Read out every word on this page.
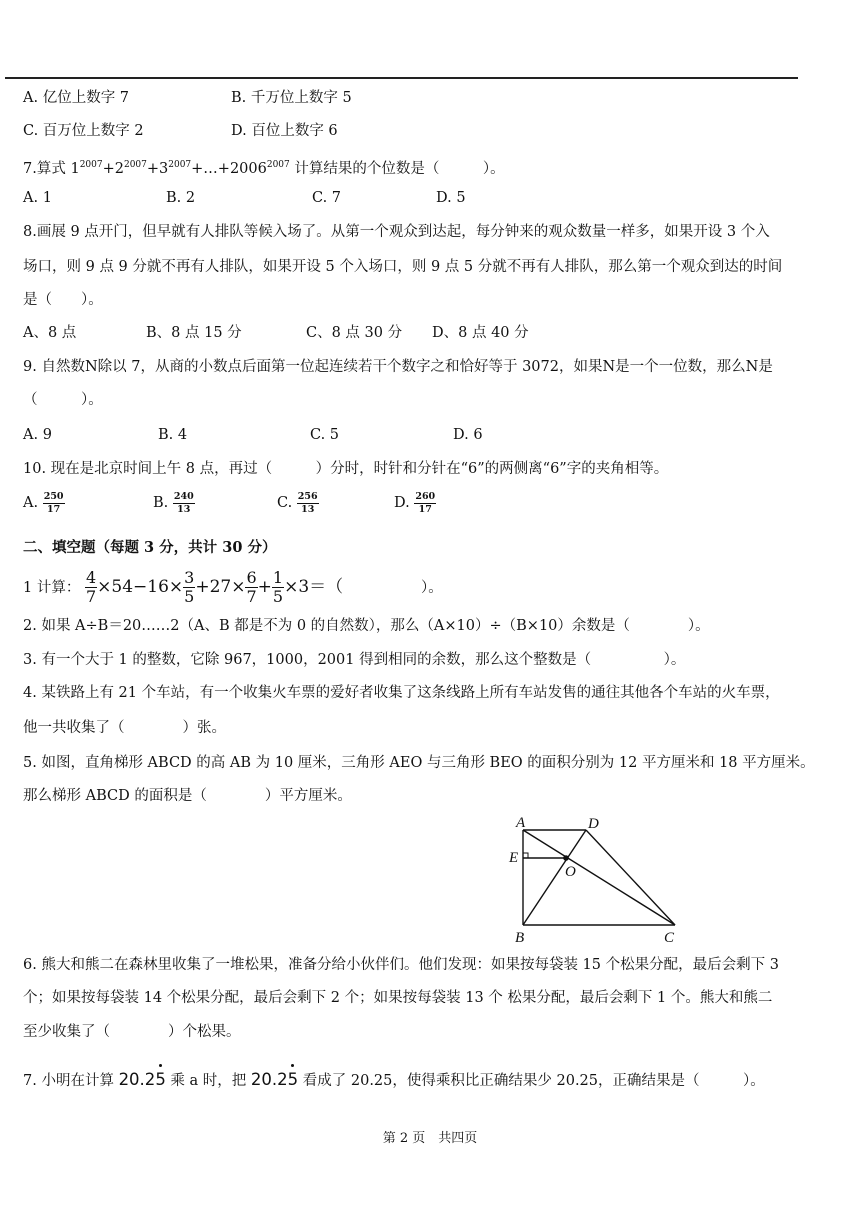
A. 亿位上数字 7	B. 千万位上数字 5
C. 百万位上数字 2	D. 百位上数字 6
7.算式 $1^{2007}+2^{2007}+3^{2007}+\dots+2006^{2007}$ 计算结果的个位数是（　　　）。
A. 1	B. 2	C. 7	D. 5
8.画展 9 点开门，但早就有人排队等候入场了。从第一个观众到达起，每分钟来的观众数量一样多，如果开设 3 个入
场口，则 9 点 9 分就不再有人排队，如果开设 5 个入场口，则 9 点 5 分就不再有人排队，那么第一个观众到达的时间
是（　　）。
A、8 点	B、8 点 15 分	C、8 点 30 分 D、8 点 40 分
9. 自然数N除以 7，从商的小数点后面第一位起连续若干个数字之和恰好等于 3072，如果N是一个一位数，那么N是
（　　　）。
A. 9	B. 4	C. 5	D. 6
10. 现在是北京时间上午 8 点，再过（　　　）分时，时针和分针在“6”的两侧离“6”字的夹角相等。
A. $\frac{250}{17}$	B. $\frac{240}{13}$	C. $\frac{256}{13}$	D. $\frac{260}{17}$
二、填空题（每题 3 分，共计 30 分）
1 计算： $\frac{4}{7} \times 54-16\times \frac{3}{5} +27\times \frac{6}{7} + \frac{1}{5} \times 3=$（ 　　　　　）。
2. 如果 A÷B＝20……2（A、B 都是不为 0 的自然数），那么（A×10）÷（B×10）余数是（　　　　）。
3. 有一个大于 1 的整数，它除 967，1000，2001 得到相同的余数，那么这个整数是（　　　　　）。
4. 某铁路上有 21 个车站，有一个收集火车票的爱好者收集了这条线路上所有车站发售的通往其他各个车站的火车票，
他一共收集了（　　　　）张。
5. 如图，直角梯形 ABCD 的高 AB 为 10 厘米，三角形 AEO 与三角形 BEO 的面积分别为 12 平方厘米和 18 平方厘米。
那么梯形 ABCD 的面积是（　　　　）平方厘米。
A	D
E
O
B	C
6. 熊大和熊二在森林里收集了一堆松果，准备分给小伙伴们。他们发现：如果按每袋装 15 个松果分配，最后会剩下 3
个；如果按每袋装 14 个松果分配，最后会剩下 2 个；如果按每袋装 13 个 松果分配，最后会剩下 1 个。熊大和熊二
至少收集了（　　　　）个松果。
7. 小明在计算 20.25 乘 a 时，把 20.25 看成了 20.25，使得乘积比正确结果少 20.25，正确结果是（　　　）。
第 2 页　共四页
